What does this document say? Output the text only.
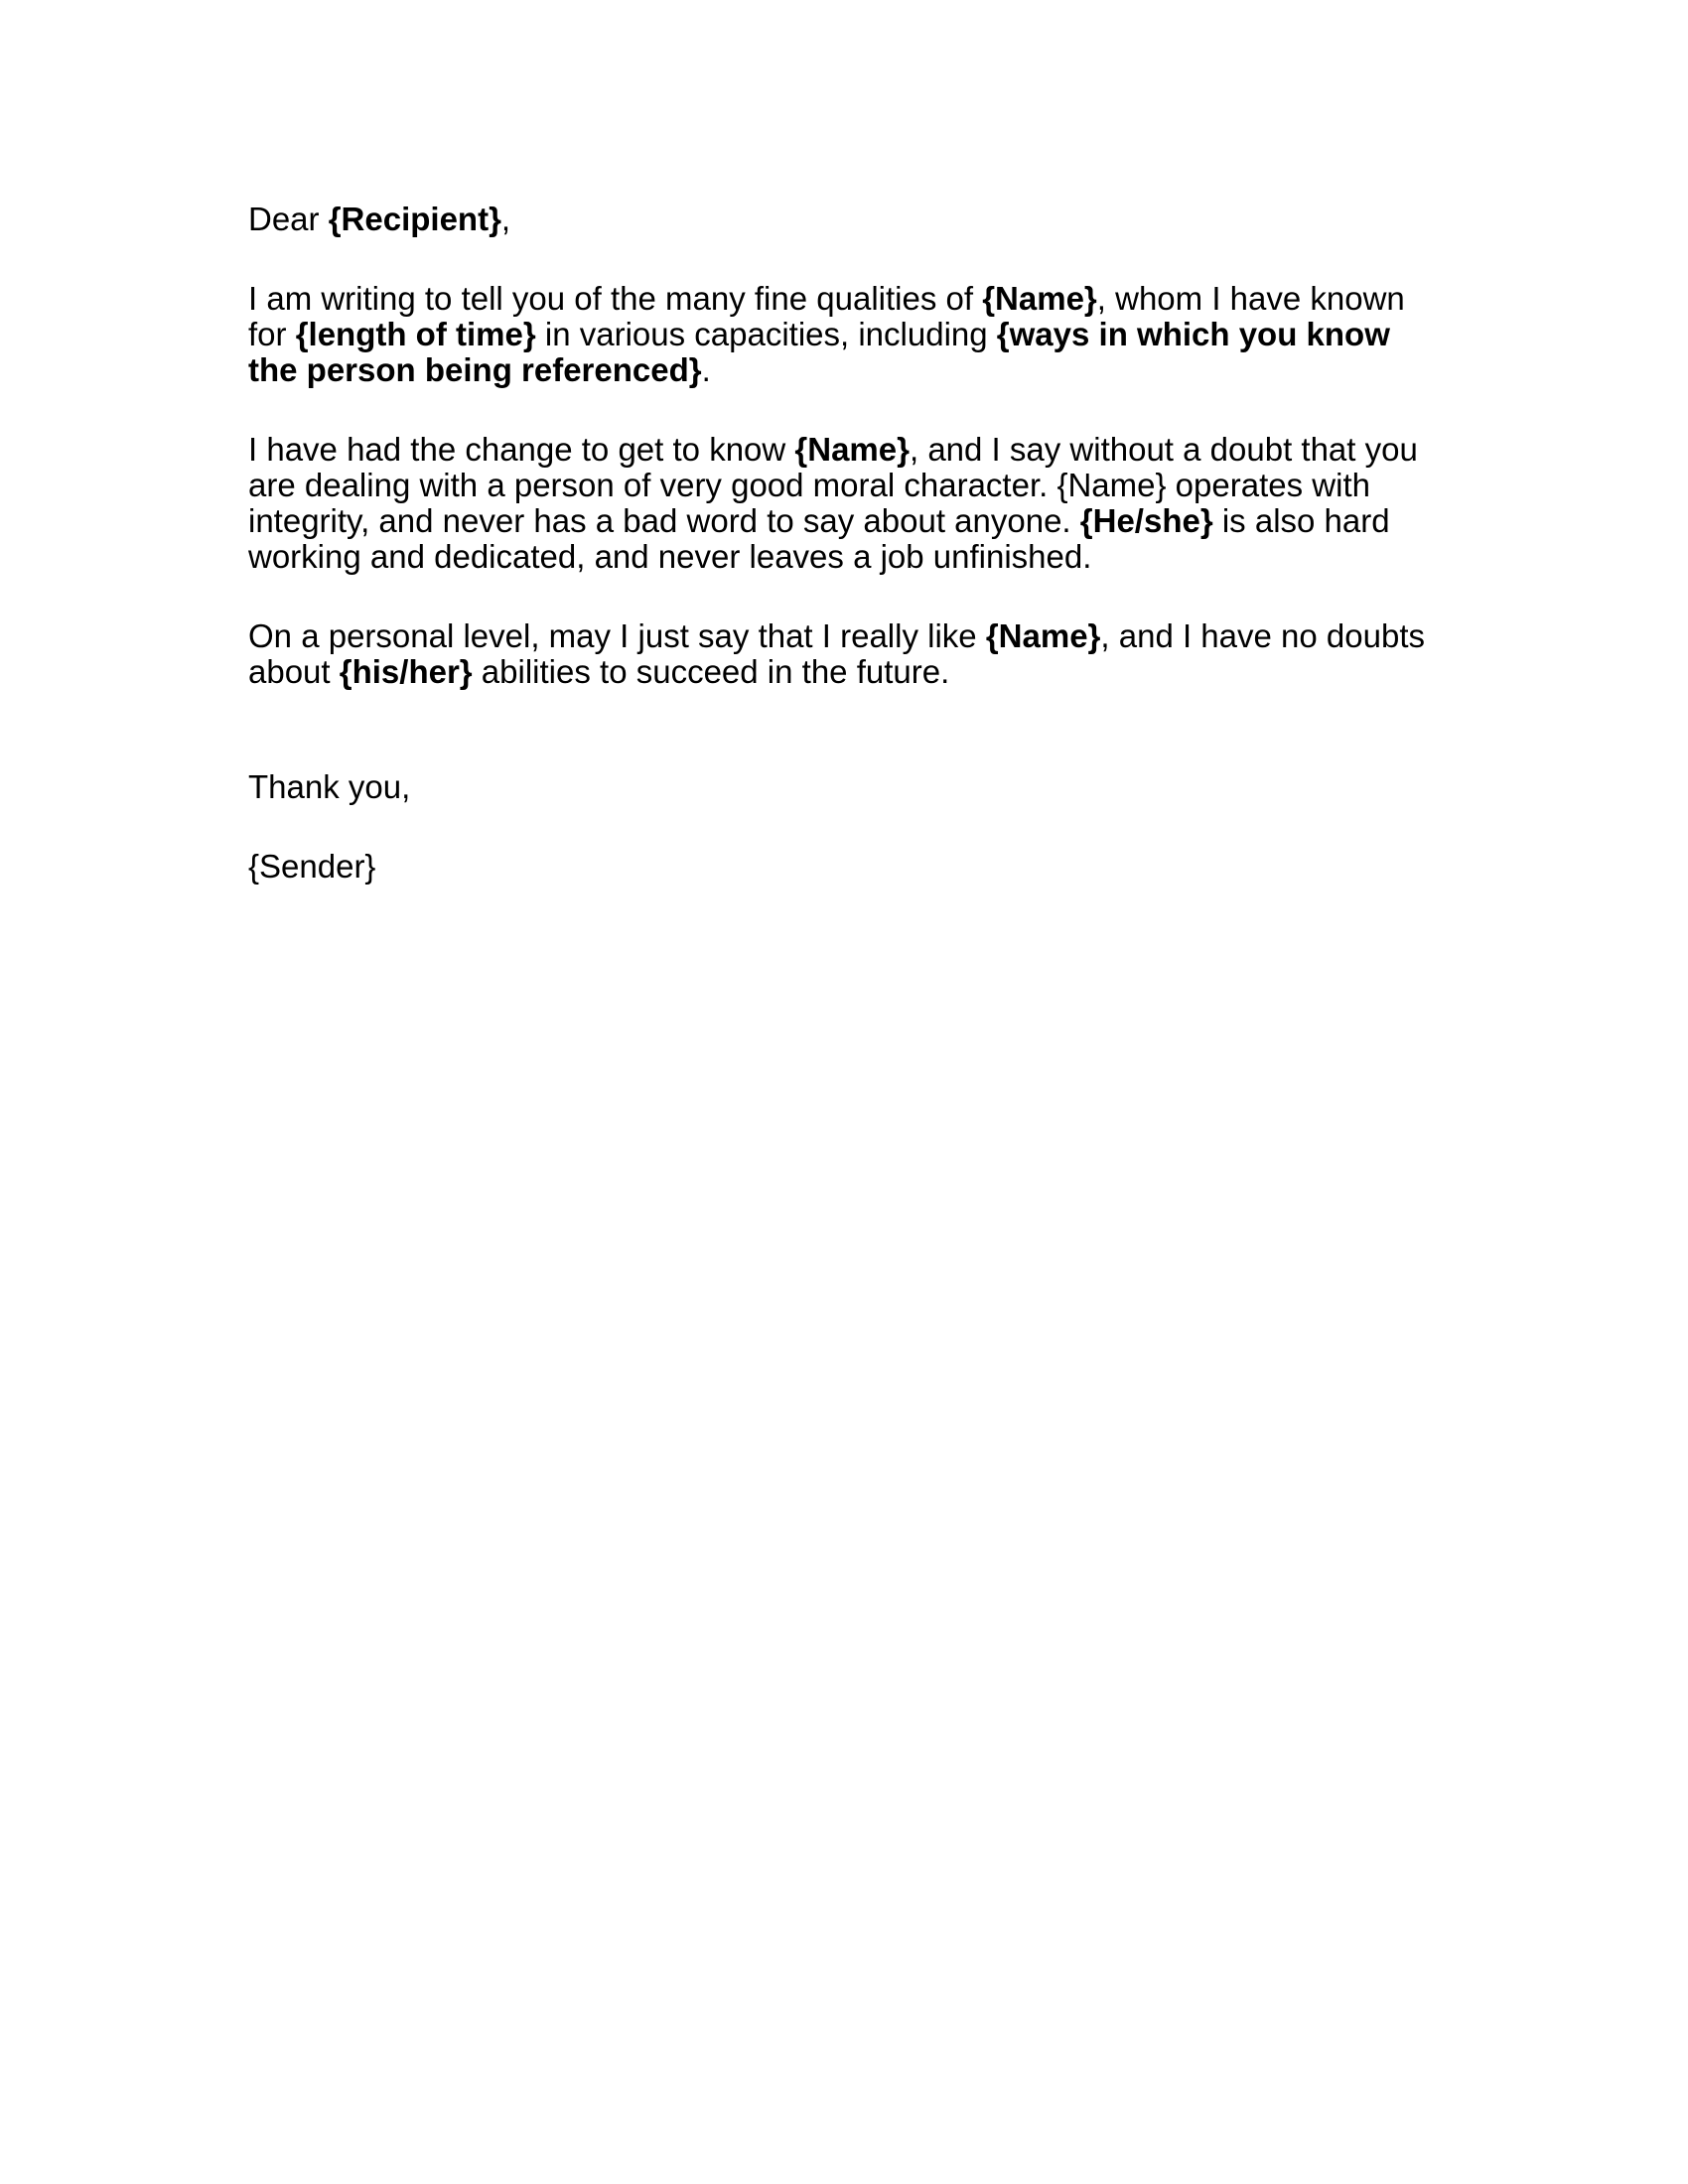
Dear {Recipient},

I am writing to tell you of the many fine qualities of {Name}, whom I have known
for {length of time} in various capacities, including {ways in which you know
the person being referenced}.

I have had the change to get to know {Name}, and I say without a doubt that you
are dealing with a person of very good moral character. {Name} operates with
integrity, and never has a bad word to say about anyone. {He/she} is also hard
working and dedicated, and never leaves a job unfinished.

On a personal level, may I just say that I really like {Name}, and I have no doubts
about {his/her} abilities to succeed in the future.

Thank you,

{Sender}
